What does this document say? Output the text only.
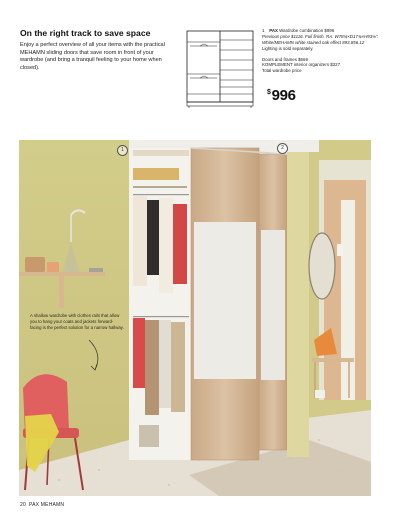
On the right track to save space

Enjoy a perfect overview of all your items with the practical MEHAMN sliding doors that save room in front of your wardrobe (and bring a tranquil feeling to your home when closed).

1 PAX Wardrobe combination $996

Previous price $1116. Foil finish. RA. W78¾×D17¾×H93⅛". White/MEHAMN white stained oak effect 893.856.12

Lighting is sold separately.

Doors and frames $669

KOMPLEMENT interior organizers $327

Total wardrobe price

$996

A shallow wardrobe with clothes rails that allow you to hang your coats and jackets forward-facing is the perfect solution for a narrow hallway.

1	2
20 PAX MEHAMN
